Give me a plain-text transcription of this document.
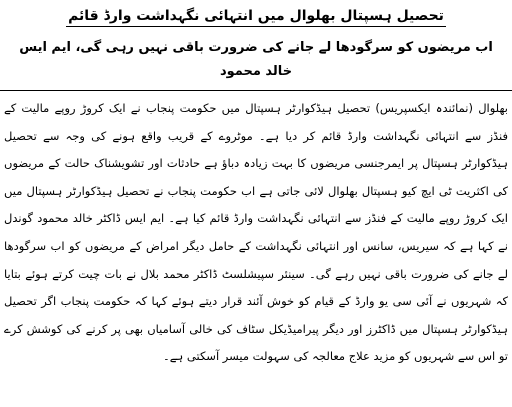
تحصیل ہسپتال بھلوال میں انتہائی نگہداشت وارڈ قائم
اب مریضوں کو سرگودھا لے جانے کی ضرورت باقی نہیں رہی گی، ایم ایس خالد محمود
بھلوال (نمائندہ ایکسپریس) تحصیل ہیڈکوارٹر ہسپتال میں حکومت پنجاب نے ایک کروڑ روپے مالیت کے فنڈز سے انتہائی نگہداشت وارڈ قائم کر دیا ہے۔ موٹروے کے قریب واقع ہونے کی وجہ سے تحصیل ہیڈکوارٹر ہسپتال پر ایمرجنسی مریضوں کا بہت زیادہ دباؤ ہے حادثات اور تشویشناک حالت کے مریضوں کی اکثریت ٹی ایچ کیو ہسپتال بھلوال لائی جاتی ہے اب حکومت پنجاب نے تحصیل ہیڈکوارٹر ہسپتال میں ایک کروڑ روپے مالیت کے فنڈز سے انتہائی نگہداشت وارڈ قائم کیا ہے۔ ایم ایس ڈاکٹر خالد محمود گوندل نے کہا ہے کہ سیریس، سانس اور انتہائی نگہداشت کے حامل دیگر امراض کے مریضوں کو اب سرگودھا لے جانے کی ضرورت باقی نہیں رہے گی۔ سینئر سپیشلسٹ ڈاکٹر محمد بلال نے بات چیت کرتے ہوئے بتایا کہ شہریوں نے آئی سی یو وارڈ کے قیام کو خوش آئند قرار دیتے ہوئے کہا کہ حکومت پنجاب اگر تحصیل ہیڈکوارٹر ہسپتال میں ڈاکٹرز اور دیگر پیرامیڈیکل سٹاف کی خالی آسامیاں بھی پر کرنے کی کوشش کرے تو اس سے شہریوں کو مزید علاج معالجہ کی سہولت میسر آسکتی ہے۔
